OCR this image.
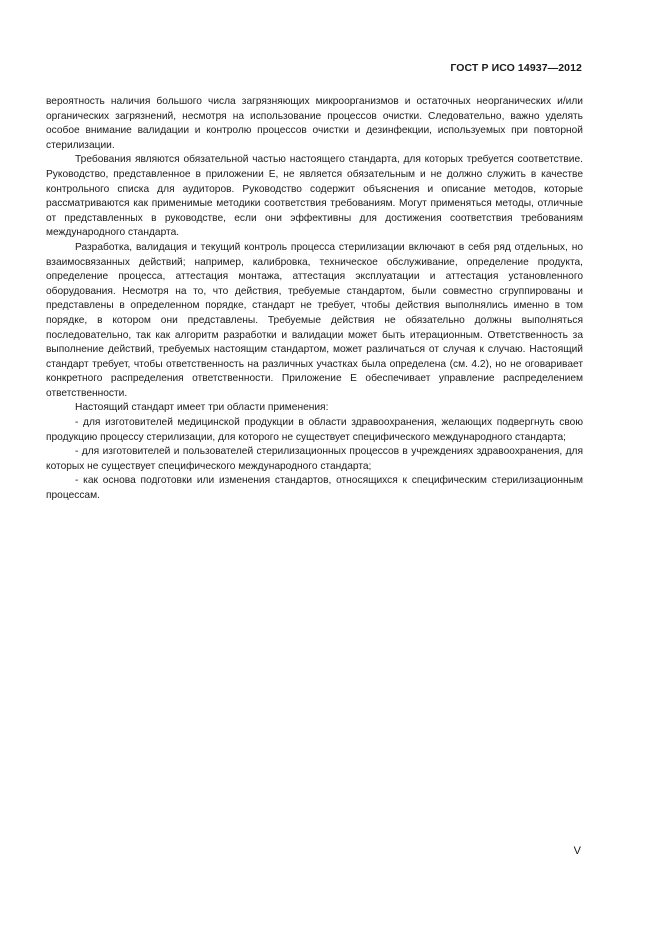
ГОСТ Р ИСО 14937—2012

вероятность наличия большого числа загрязняющих микроорганизмов и остаточных неорганических и/или органических загрязнений, несмотря на использование процессов очистки. Следовательно, важно уделять особое внимание валидации и контролю процессов очистки и дезинфекции, используемых при повторной стерилизации.

Требования являются обязательной частью настоящего стандарта, для которых требуется соответствие. Руководство, представленное в приложении Е, не является обязательным и не должно служить в качестве контрольного списка для аудиторов. Руководство содержит объяснения и описание методов, которые рассматриваются как применимые методики соответствия требованиям. Могут применяться методы, отличные от представленных в руководстве, если они эффективны для достижения соответствия требованиям международного стандарта.

Разработка, валидация и текущий контроль процесса стерилизации включают в себя ряд отдельных, но взаимосвязанных действий; например, калибровка, техническое обслуживание, определение продукта, определение процесса, аттестация монтажа, аттестация эксплуатации и аттестация установленного оборудования. Несмотря на то, что действия, требуемые стандартом, были совместно сгруппированы и представлены в определенном порядке, стандарт не требует, чтобы действия выполнялись именно в том порядке, в котором они представлены. Требуемые действия не обязательно должны выполняться последовательно, так как алгоритм разработки и валидации может быть итерационным. Ответственность за выполнение действий, требуемых настоящим стандартом, может различаться от случая к случаю. Настоящий стандарт требует, чтобы ответственность на различных участках была определена (см. 4.2), но не оговаривает конкретного распределения ответственности. Приложение Е обеспечивает управление распределением ответственности.

Настоящий стандарт имеет три области применения:

- для изготовителей медицинской продукции в области здравоохранения, желающих подвергнуть свою продукцию процессу стерилизации, для которого не существует специфического международного стандарта;

- для изготовителей и пользователей стерилизационных процессов в учреждениях здравоохранения, для которых не существует специфического международного стандарта;

- как основа подготовки или изменения стандартов, относящихся к специфическим стерилизационным процессам.

V
